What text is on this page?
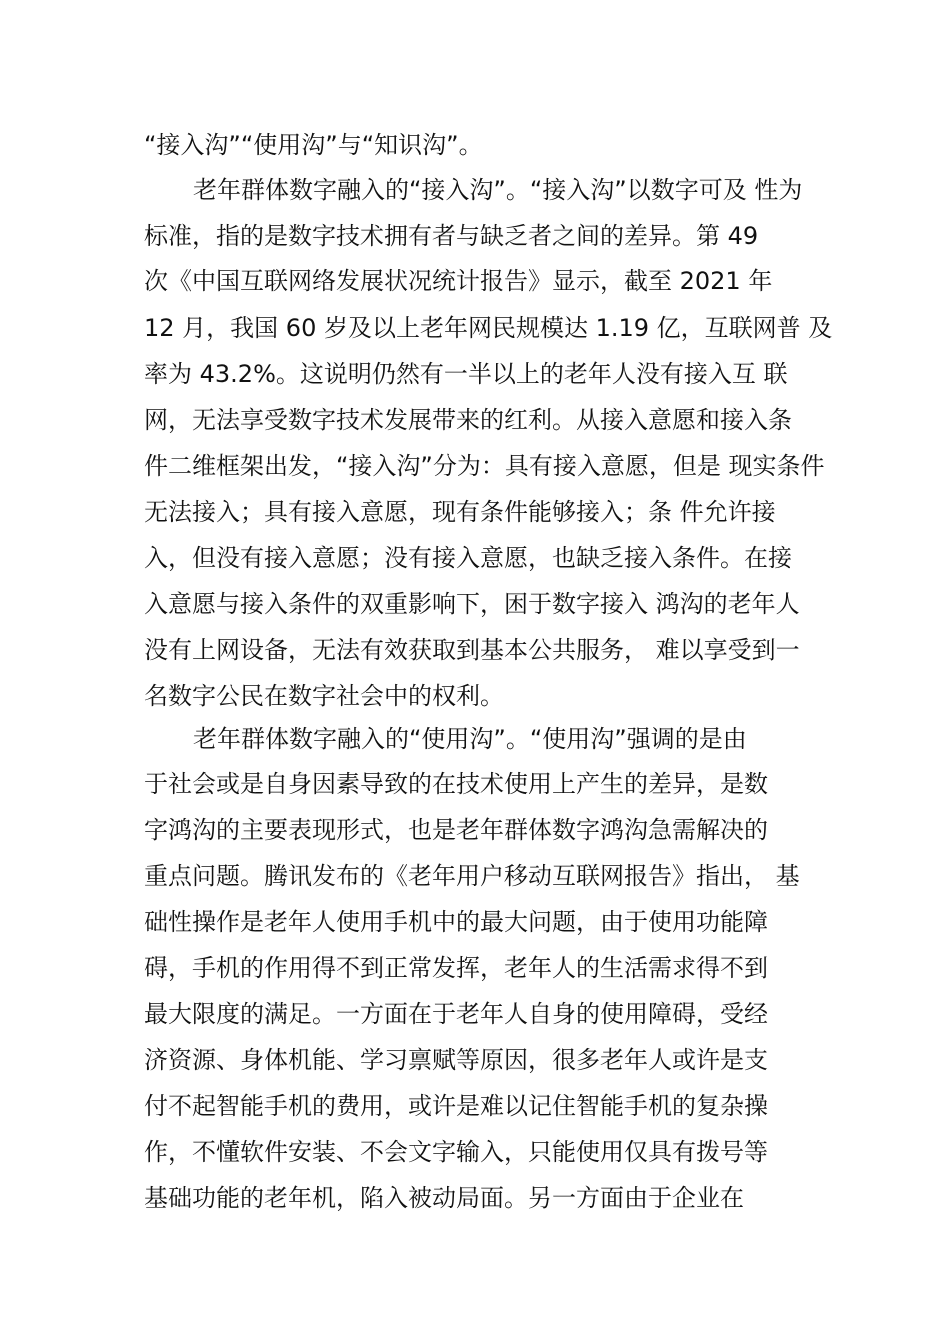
“接入沟”“使用沟”与“知识沟”。
老年群体数字融入的“接入沟”。“接入沟”以数字可及 性为
标准，指的是数字技术拥有者与缺乏者之间的差异。第 49
次《中国互联网络发展状况统计报告》显示，截至 2021 年
12 月，我国 60 岁及以上老年网民规模达 1.19 亿，互联网普 及
率为 43.2%。这说明仍然有一半以上的老年人没有接入互 联
网，无法享受数字技术发展带来的红利。从接入意愿和接入条
件二维框架出发，“接入沟”分为：具有接入意愿，但是 现实条件
无法接入；具有接入意愿，现有条件能够接入；条 件允许接
入，但没有接入意愿；没有接入意愿，也缺乏接入条件。在接
入意愿与接入条件的双重影响下，困于数字接入 鸿沟的老年人
没有上网设备，无法有效获取到基本公共服务， 难以享受到一
名数字公民在数字社会中的权利。
老年群体数字融入的“使用沟”。“使用沟”强调的是由
于社会或是自身因素导致的在技术使用上产生的差异，是数
字鸿沟的主要表现形式，也是老年群体数字鸿沟急需解决的
重点问题。腾讯发布的《老年用户移动互联网报告》指出， 基
础性操作是老年人使用手机中的最大问题，由于使用功能障
碍，手机的作用得不到正常发挥，老年人的生活需求得不到
最大限度的满足。一方面在于老年人自身的使用障碍，受经
济资源、身体机能、学习禀赋等原因，很多老年人或许是支
付不起智能手机的费用，或许是难以记住智能手机的复杂操
作，不懂软件安装、不会文字输入，只能使用仅具有拨号等
基础功能的老年机，陷入被动局面。另一方面由于企业在
